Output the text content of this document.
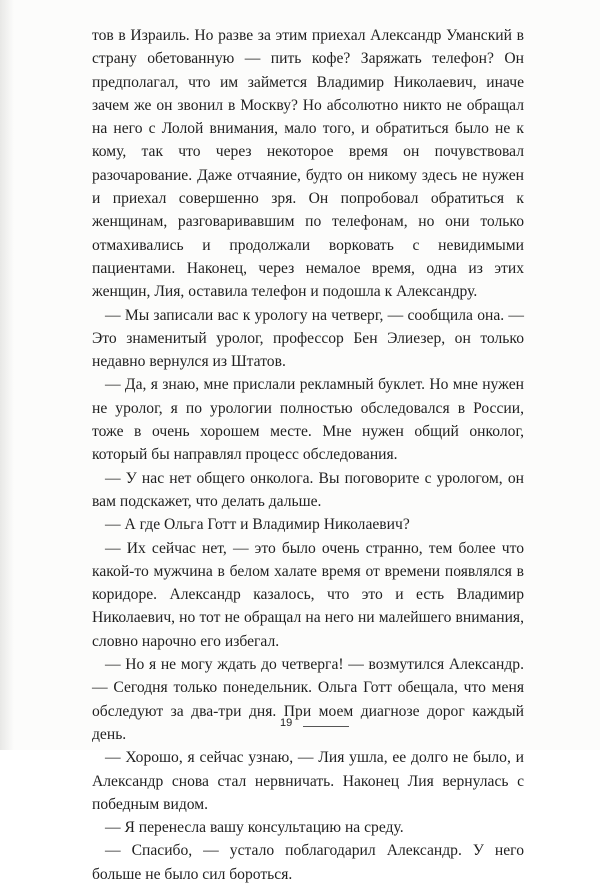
тов в Израиль. Но разве за этим приехал Александр Уманский в страну обетованную — пить кофе? Заряжать телефон? Он предполагал, что им займется Владимир Николаевич, иначе зачем же он звонил в Москву? Но абсолютно никто не обращал на него с Лолой внимания, мало того, и обратиться было не к кому, так что через некоторое время он почувствовал разочарование. Даже отчаяние, будто он никому здесь не нужен и приехал совершенно зря. Он попробовал обратиться к женщинам, разговаривавшим по телефонам, но они только отмахивались и продолжали ворковать с невидимыми пациентами. Наконец, через немалое время, одна из этих женщин, Лия, оставила телефон и подошла к Александру.

— Мы записали вас к урологу на четверг, — сообщила она. — Это знаменитый уролог, профессор Бен Элиезер, он только недавно вернулся из Штатов.

— Да, я знаю, мне прислали рекламный буклет. Но мне нужен не уролог, я по урологии полностью обследовался в России, тоже в очень хорошем месте. Мне нужен общий онколог, который бы направлял процесс обследования.

— У нас нет общего онколога. Вы поговорите с урологом, он вам подскажет, что делать дальше.

— А где Ольга Готт и Владимир Николаевич?

— Их сейчас нет, — это было очень странно, тем более что какой-то мужчина в белом халате время от времени появлялся в коридоре. Александр казалось, что это и есть Владимир Николаевич, но тот не обращал на него ни малейшего внимания, словно нарочно его избегал.

— Но я не могу ждать до четверга! — возмутился Александр. — Сегодня только понедельник. Ольга Готт обещала, что меня обследуют за два-три дня. При моем диагнозе дорог каждый день.

— Хорошо, я сейчас узнаю, — Лия ушла, ее долго не было, и Александр снова стал нервничать. Наконец Лия вернулась с победным видом.

— Я перенесла вашу консультацию на среду.

— Спасибо, — устало поблагодарил Александр. У него больше не было сил бороться.

19
